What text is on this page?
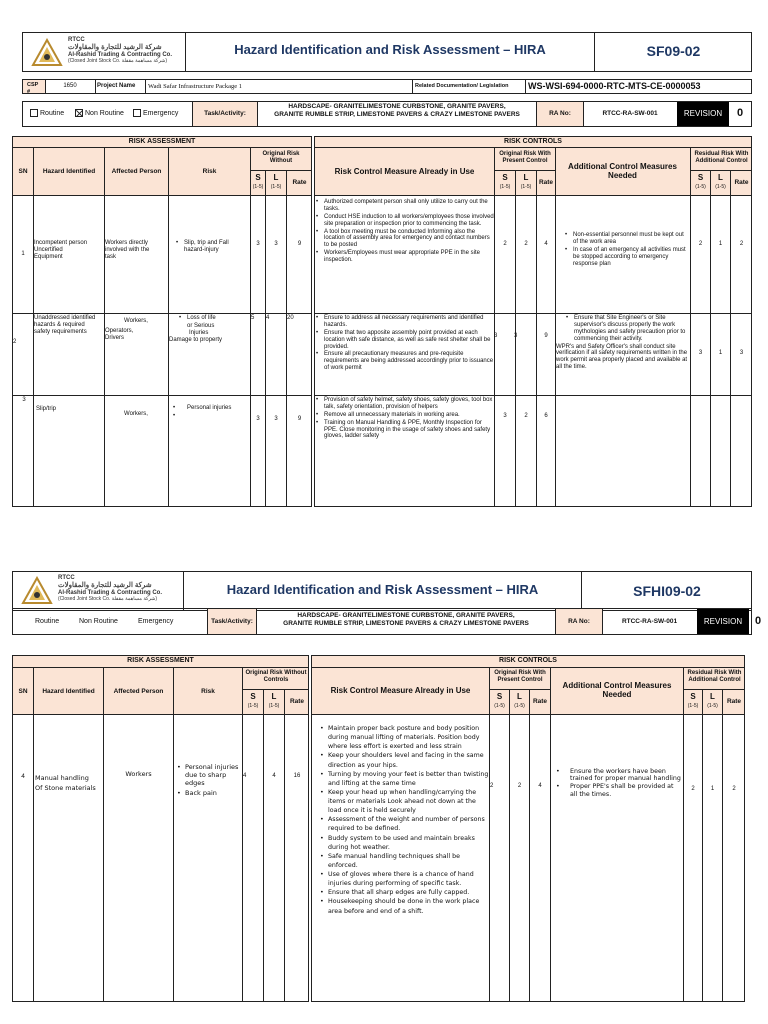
RTCC
شركة الرشيد للتجارة والمقاولات
Al-Rashid Trading & Contracting Co.
(Closed Joint Stock Co. شركة مساهمة مقفلة)
Hazard Identification and Risk Assessment – HIRA	SF09-02
CSP #
1650	Project Name Wadi Safar Infrastructure Package 1	Related Documentation/ Legislation WS-WSI-694-0000-RTC-MTS-CE-0000053
Routine	Non Routine	Emergency	Task/Activity:
HARDSCAPE- GRANITELIMESTONE CURBSTONE, GRANITE PAVERS,
GRANITE RUMBLE STRIP, LIMESTONE PAVERS & CRAZY LIMESTONE PAVERS	RA No:	RTCC-RA-SW-001	REVISION	0
RISK ASSESSMENT	RISK CONTROLS
SN	Hazard Identified	Affected Person	Risk
Original Risk Without
S
(1-5)
L
(1-5)
Rate
Risk Control Measure Already in Use
Original Risk With Present Control
S
(1-5)
L
(1-5)
Rate
Additional Control Measures Needed
Residual Risk With Additional Control
S
(1-5)
L
(1-5)
Rate
1
Incompetent person
Uncertified
Equipment
Workers directly
involved with the
task
• Slip, trip and Fall
hazard-injury
3	3	9
• Authorized competent person shall only utilize to carry out the tasks.
• Conduct HSE induction to all workers/employees those involved site preparation or inspection prior to commencing the task.
• A tool box meeting must be conducted Informing also the location of assembly area for emergency and contact numbers to be posted
• Workers/Employees must wear appropriate PPE in the site inspection.
2	2	4
• Non-essential personnel must be kept out of the work area
• In case of an emergency all activities must be stopped according to emergency response plan
2	1	2
2
Unaddressed identified
hazards & required
safety requirements
Workers,
Operators,
Drivers
• Loss of life
or Serious
Injuries
Damage to property
5	4	20
•	Ensure to address all necessary requirements and identified hazards.
• Ensure that two apposite assembly point provided at each location with safe distance, as well as safe rest shelter shall be provided.
• Ensure all precautionary measures and pre-requisite requirements are being addressed accordingly prior to issuance of work permit
3	3	9
• Ensure that Site Engineer's or Site supervisor's discuss properly the work mythologies and safety precaution prior to commencing their activity.
WPR's and Safety Officer's shall conduct site verification if all safety requirements written in the work permit area properly placed and available at all the time.
3	1	3
3
Slip/trip
Workers,
• Personal injuries
3	3	9
• Provision of safety helmet, safety shoes, safety gloves, tool box talk, safety orientation, provision of helpers
• Remove all unnecessary materials in working area.
• Training on Manual Handling & PPE, Monthly Inspection for PPE. Close monitoring in the usage of safety shoes and safety gloves, ladder safety
3	2	6
RTCC
شركة الرشيد للتجارة والمقاولات
Al-Rashid Trading & Contracting Co.
(Closed Joint Stock Co. شركة مساهمة مقفلة)
Hazard Identification and Risk Assessment – HIRA	SFHI09-02
Routine	Non Routine	Emergency	Task/Activity:
HARDSCAPE- GRANITELIMESTONE CURBSTONE, GRANITE PAVERS,
GRANITE RUMBLE STRIP, LIMESTONE PAVERS & CRAZY LIMESTONE PAVERS	RA No:	RTCC-RA-SW-001	REVISION	0
RISK ASSESSMENT	RISK CONTROLS
SN	Hazard Identified	Affected Person	Risk
Original Risk Without Controls
S
(1-5)
L
(1-5)
Rate
Risk Control Measure Already in Use
Original Risk With Present Control
S
(1-5)
L
(1-5)
Rate
Additional Control Measures Needed
Residual Risk With Additional Control
S
(1-5)
L
(1-5)
Rate
4	Manual handling
Of Stone materials
Workers
• Personal injuries due to sharp edges
• Back pain
4	4	16
• Maintain proper back posture and body position during manual lifting of materials. Position body where less effort is exerted and less strain
• Keep your shoulders level and facing in the same direction as your hips.
• Turning by moving your feet is better than twisting and lifting at the same time
• Keep your head up when handling/carrying the items or materials Look ahead not down at the load once it is held securely
• Assessment of the weight and number of persons required to be defined.
• Buddy system to be used and maintain breaks during hot weather.
• Safe manual handling techniques shall be enforced.
• Use of gloves where there is a chance of hand injuries during performing of specific task.
• Ensure that all sharp edges are fully capped.
• Housekeeping should be done in the work place area before and end of a shift.
2	2	4
• Ensure the workers have been trained for proper manual handling
• Proper PPE's shall be provided at all the times.
2	1	2
